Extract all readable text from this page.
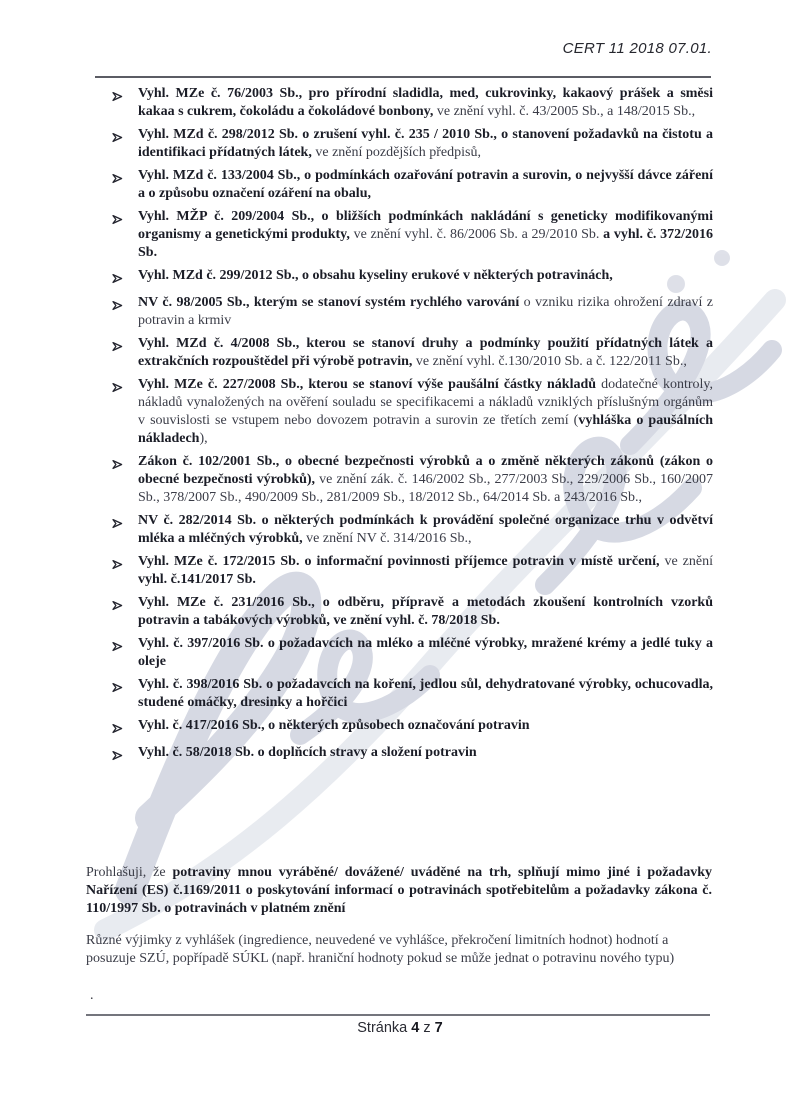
CERT 11 2018 07.01.

Vyhl. MZe č. 76/2003 Sb., pro přírodní sladidla, med, cukrovinky, kakaový prášek a směsi kakaa s cukrem, čokoládu a čokoládové bonbony, ve znění vyhl. č. 43/2005 Sb., a 148/2015 Sb.,

Vyhl. MZd č. 298/2012 Sb. o zrušení vyhl. č. 235 / 2010 Sb., o stanovení požadavků na čistotu a identifikaci přídatných látek, ve znění pozdějších předpisů,

Vyhl. MZd č. 133/2004 Sb., o podmínkách ozařování potravin a surovin, o nejvyšší dávce záření a o způsobu označení ozáření na obalu,

Vyhl. MŽP č. 209/2004 Sb., o bližších podmínkách nakládání s geneticky modifikovanými organismy a genetickými produkty, ve znění vyhl. č. 86/2006 Sb. a 29/2010 Sb. a vyhl. č. 372/2016 Sb.

Vyhl. MZd č. 299/2012 Sb., o obsahu kyseliny erukové v některých potravinách,

NV č. 98/2005 Sb., kterým se stanoví systém rychlého varování o vzniku rizika ohrožení zdraví z potravin a krmiv

Vyhl. MZd č. 4/2008 Sb., kterou se stanoví druhy a podmínky použití přídatných látek a extrakčních rozpouštědel při výrobě potravin, ve znění vyhl. č.130/2010 Sb. a č. 122/2011 Sb.,

Vyhl. MZe č. 227/2008 Sb., kterou se stanoví výše paušální částky nákladů dodatečné kontroly, nákladů vynaložených na ověření souladu se specifikacemi a nákladů vzniklých příslušným orgánům v souvislosti se vstupem nebo dovozem potravin a surovin ze třetích zemí (vyhláška o paušálních nákladech),

Zákon č. 102/2001 Sb., o obecné bezpečnosti výrobků a o změně některých zákonů (zákon o obecné bezpečnosti výrobků), ve znění zák. č. 146/2002 Sb., 277/2003 Sb., 229/2006 Sb., 160/2007 Sb., 378/2007 Sb., 490/2009 Sb., 281/2009 Sb., 18/2012 Sb., 64/2014 Sb. a 243/2016 Sb.,

NV č. 282/2014 Sb. o některých podmínkách k provádění společné organizace trhu v odvětví mléka a mléčných výrobků, ve znění NV č. 314/2016 Sb.,

Vyhl. MZe č. 172/2015 Sb. o informační povinnosti příjemce potravin v místě určení, ve znění vyhl. č.141/2017 Sb.

Vyhl. MZe č. 231/2016 Sb., o odběru, přípravě a metodách zkoušení kontrolních vzorků potravin a tabákových výrobků, ve znění vyhl. č. 78/2018 Sb.

Vyhl. č. 397/2016 Sb. o požadavcích na mléko a mléčné výrobky, mražené krémy a jedlé tuky a oleje

Vyhl. č. 398/2016 Sb. o požadavcích na koření, jedlou sůl, dehydratované výrobky, ochucovadla, studené omáčky, dresinky a hořčici

Vyhl. č. 417/2016 Sb., o některých způsobech označování potravin

Vyhl. č. 58/2018 Sb. o doplňcích stravy a složení potravin

Prohlašuji, že potraviny mnou vyráběné/ dovážené/ uváděné na trh, splňují mimo jiné i požadavky Nařízení (ES) č.1169/2011 o poskytování informací o potravinách spotřebitelům a požadavky zákona č. 110/1997 Sb. o potravinách v platném znění

Různé výjimky z vyhlášek (ingredience, neuvedené ve vyhlášce, překročení limitních hodnot) hodnotí a posuzuje SZÚ, popřípadě SÚKL (např. hraniční hodnoty pokud se může jednat o potravinu nového typu)

.
Stránka 4 z 7
